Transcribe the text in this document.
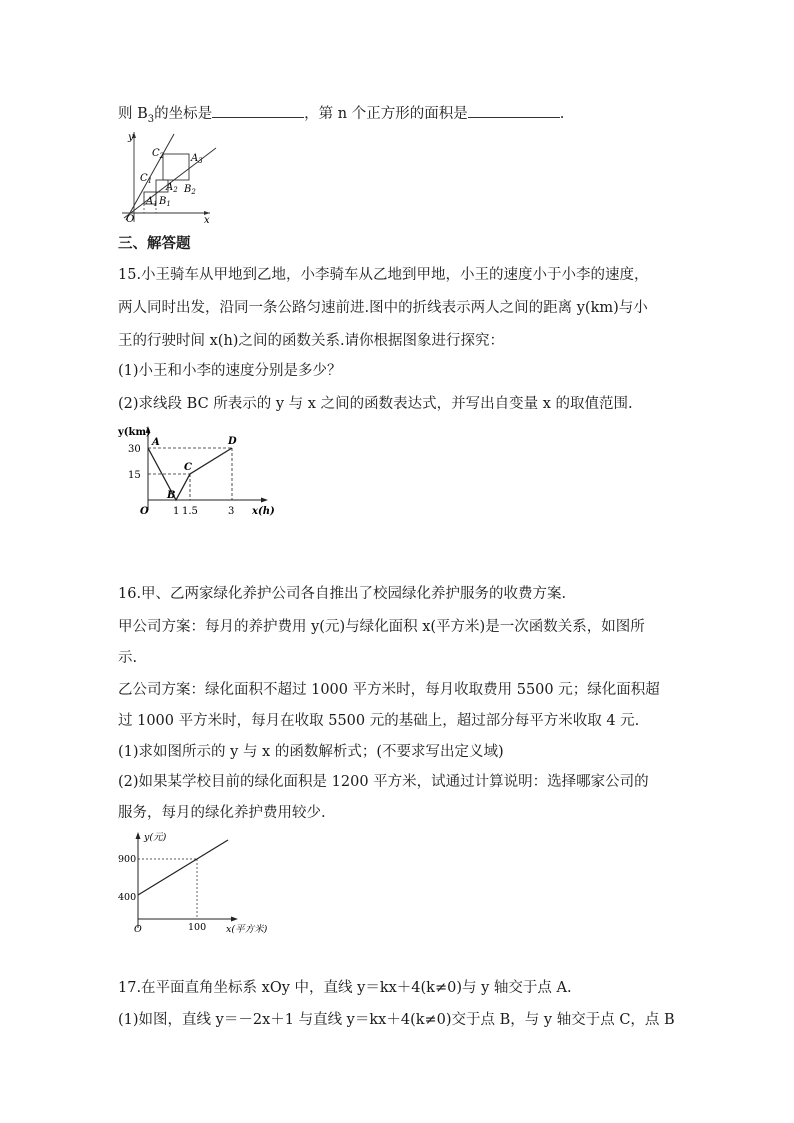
则 $B_3$的坐标是	，第 n 个正方形的面积是	.
y
x
O
$C_2$	$A_3$
$C_1$
$A_2$ $B_2$
$A_1$ $B_1$
三、解答题
15.小王骑车从甲地到乙地，小李骑车从乙地到甲地，小王的速度小于小李的速度，
两人同时出发，沿同一条公路匀速前进.图中的折线表示两人之间的距离 y(km)与小
王的行驶时间 x(h)之间的函数关系.请你根据图象进行探究：
(1)小王和小李的速度分别是多少？
(2)求线段 BC 所表示的 y 与 x 之间的函数表达式，并写出自变量 x 的取值范围.
y(km)
30
15
O 1 1.5	3 x(h)
A
B
C
D
16.甲、乙两家绿化养护公司各自推出了校园绿化养护服务的收费方案.
甲公司方案：每月的养护费用 y(元)与绿化面积 x(平方米)是一次函数关系，如图所
示.
乙公司方案：绿化面积不超过 1000 平方米时，每月收取费用 5500 元；绿化面积超
过 1000 平方米时，每月在收取 5500 元的基础上，超过部分每平方米收取 4 元.
(1)求如图所示的 y 与 x 的函数解析式；(不要求写出定义域)
(2)如果某学校目前的绿化面积是 1200 平方米，试通过计算说明：选择哪家公司的
服务，每月的绿化养护费用较少.
y(元)
900
400
O	100 x(平方米)
17.在平面直角坐标系 xOy 中，直线 y＝kx＋4(k≠0)与 y 轴交于点 A.
(1)如图，直线 y＝－2x＋1 与直线 y＝kx＋4(k≠0)交于点 B，与 y 轴交于点 C，点 B
